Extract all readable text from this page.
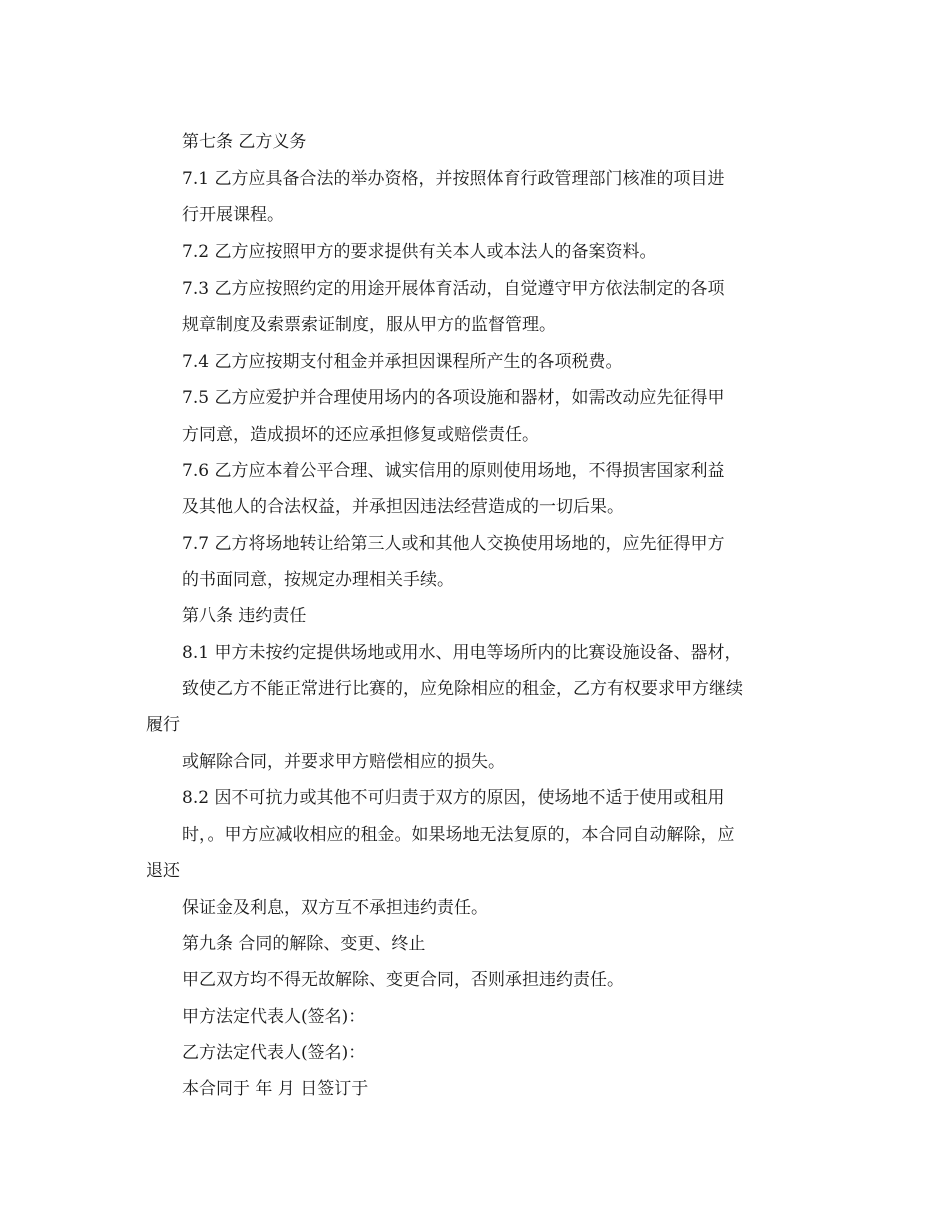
第七条 乙方义务
7.1 乙方应具备合法的举办资格，并按照体育行政管理部门核准的项目进
行开展课程。
7.2 乙方应按照甲方的要求提供有关本人或本法人的备案资料。
7.3 乙方应按照约定的用途开展体育活动，自觉遵守甲方依法制定的各项
规章制度及索票索证制度，服从甲方的监督管理。
7.4 乙方应按期支付租金并承担因课程所产生的各项税费。
7.5 乙方应爱护并合理使用场内的各项设施和器材，如需改动应先征得甲
方同意，造成损坏的还应承担修复或赔偿责任。
7.6 乙方应本着公平合理、诚实信用的原则使用场地，不得损害国家利益
及其他人的合法权益，并承担因违法经营造成的一切后果。
7.7 乙方将场地转让给第三人或和其他人交换使用场地的，应先征得甲方
的书面同意，按规定办理相关手续。
第八条 违约责任
8.1 甲方未按约定提供场地或用水、用电等场所内的比赛设施设备、器材，
致使乙方不能正常进行比赛的，应免除相应的租金，乙方有权要求甲方继续
履行
或解除合同，并要求甲方赔偿相应的损失。
8.2 因不可抗力或其他不可归责于双方的原因，使场地不适于使用或租用
时，。甲方应减收相应的租金。如果场地无法复原的，本合同自动解除，应
退还
保证金及利息，双方互不承担违约责任。
第九条 合同的解除、变更、终止
甲乙双方均不得无故解除、变更合同，否则承担违约责任。
甲方法定代表人(签名)：
乙方法定代表人(签名)：
本合同于 年 月 日签订于
